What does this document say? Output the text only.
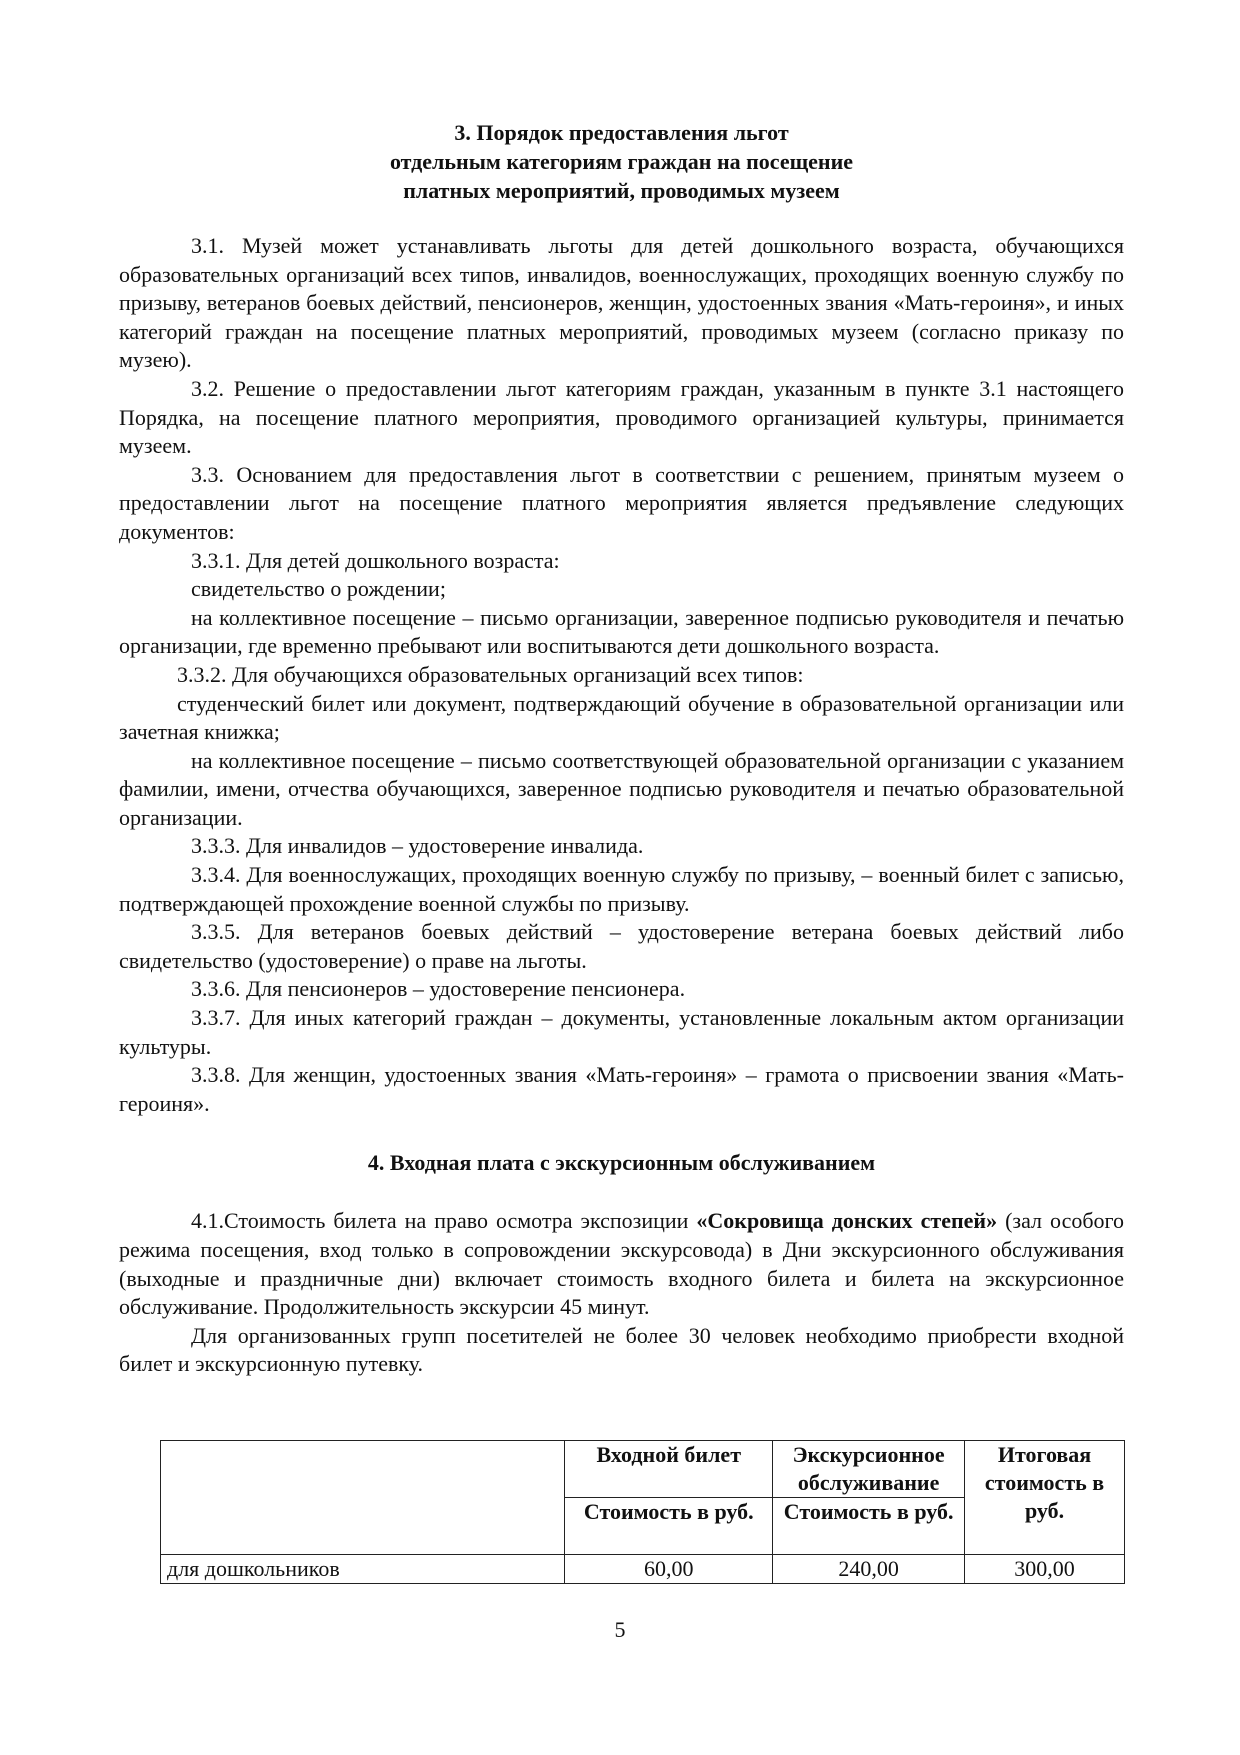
3. Порядок предоставления льгот
отдельным категориям граждан на посещение
платных мероприятий, проводимых музеем

3.1. Музей может устанавливать льготы для детей дошкольного возраста, обучающихся образовательных организаций всех типов, инвалидов, военнослужащих, проходящих военную службу по призыву, ветеранов боевых действий, пенсионеров, женщин, удостоенных звания «Мать-героиня», и иных категорий граждан на посещение платных мероприятий, проводимых музеем (согласно приказу по музею).

3.2. Решение о предоставлении льгот категориям граждан, указанным в пункте 3.1 настоящего Порядка, на посещение платного мероприятия, проводимого организацией культуры, принимается музеем.

3.3. Основанием для предоставления льгот в соответствии с решением, принятым музеем о предоставлении льгот на посещение платного мероприятия является предъявление следующих документов:

3.3.1. Для детей дошкольного возраста:

свидетельство о рождении;

на коллективное посещение – письмо организации, заверенное подписью руководителя и печатью организации, где временно пребывают или воспитываются дети дошкольного возраста.

3.3.2. Для обучающихся образовательных организаций всех типов:

студенческий билет или документ, подтверждающий обучение в образовательной организации или зачетная книжка;

на коллективное посещение – письмо соответствующей образовательной организации с указанием фамилии, имени, отчества обучающихся, заверенное подписью руководителя и печатью образовательной организации.

3.3.3. Для инвалидов – удостоверение инвалида.

3.3.4. Для военнослужащих, проходящих военную службу по призыву, – военный билет с записью, подтверждающей прохождение военной службы по призыву.

3.3.5. Для ветеранов боевых действий – удостоверение ветерана боевых действий либо свидетельство (удостоверение) о праве на льготы.

3.3.6. Для пенсионеров – удостоверение пенсионера.

3.3.7. Для иных категорий граждан – документы, установленные локальным актом организации культуры.

3.3.8. Для женщин, удостоенных звания «Мать-героиня» – грамота о присвоении звания «Мать-героиня».

4. Входная плата с экскурсионным обслуживанием

4.1.Стоимость билета на право осмотра экспозиции «Сокровища донских степей» (зал особого режима посещения, вход только в сопровождении экскурсовода) в Дни экскурсионного обслуживания (выходные и праздничные дни) включает стоимость входного билета и билета на экскурсионное обслуживание. Продолжительность экскурсии 45 минут.

Для организованных групп посетителей не более 30 человек необходимо приобрести входной билет и экскурсионную путевку.

	Входной билет	Экскурсионное обслуживание	Итоговая стоимость в руб.
	Стоимость в руб.	Стоимость в руб.	
для дошкольников	60,00	240,00	300,00
5
